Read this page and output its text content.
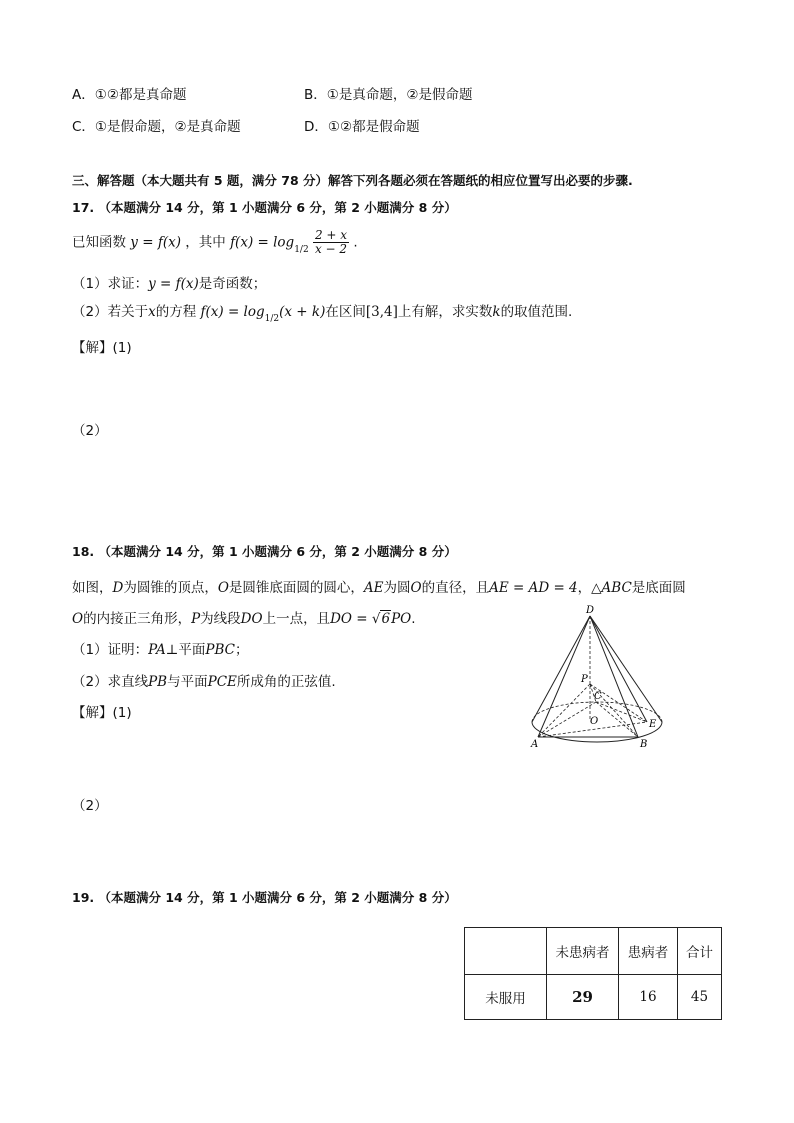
A．①②都是真命题	B．①是真命题，②是假命题
C．①是假命题，②是真命题	D．①②都是假命题
三、解答题（本大题共有 5 题，满分 78 分）解答下列各题必须在答题纸的相应位置写出必要的步骤.
17. （本题满分 14 分，第 1 小题满分 6 分，第 2 小题满分 8 分）
已知函数 y = f(x) ，其中 $f(x) = \log_{1/2} \frac{2 + x}{x - 2}$ .
（1）求证：y = f(x)是奇函数；
（2）若关于x的方程 $f(x) = \log_{1/2}(x + k)$在区间[3,4]上有解，求实数k的取值范围.
【解】(1)
（2）
18. （本题满分 14 分，第 1 小题满分 6 分，第 2 小题满分 8 分）
如图，D为圆锥的顶点，O是圆锥底面圆的圆心，AE为圆O的直径，且AE = AD = 4，△ABC是底面圆
O的内接正三角形，P为线段DO上一点，且DO = √6PO.
（1）证明：PA⊥平面PBC；
（2）求直线PB与平面PCE所成角的正弦值.
【解】(1)
（2）
D
P
C
O	E
A	B
19. （本题满分 14 分，第 1 小题满分 6 分，第 2 小题满分 8 分）
	未患病者	患病者	合计
未服用	29	16	45
